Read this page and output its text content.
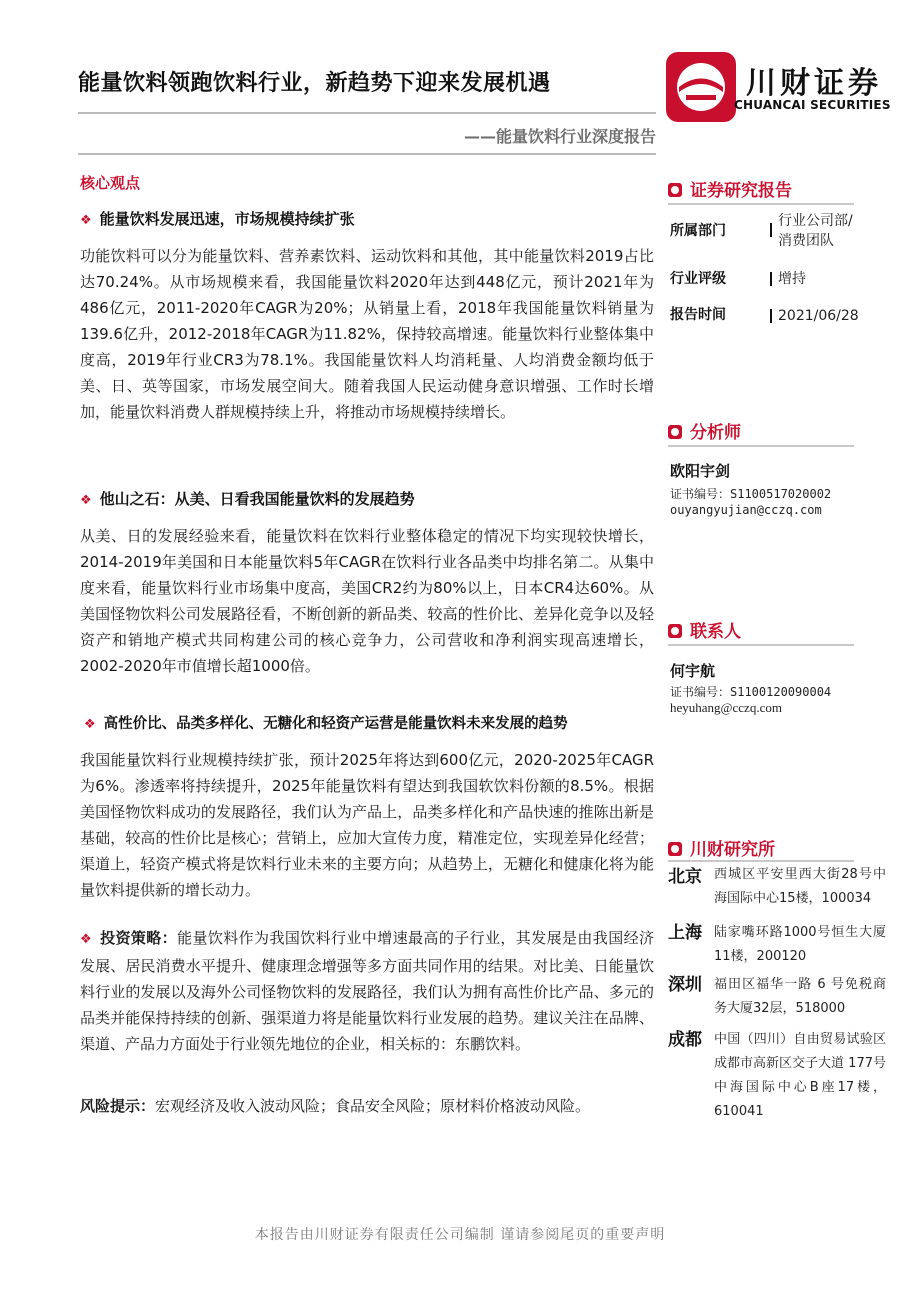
能量饮料领跑饮料行业，新趋势下迎来发展机遇
——能量饮料行业深度报告
川财证券
CHUANCAI SECURITIES
核心观点
❖ 能量饮料发展迅速，市场规模持续扩张

功能饮料可以分为能量饮料、营养素饮料、运动饮料和其他，其中能量饮料2019占比达70.24%。从市场规模来看，我国能量饮料2020年达到448亿元，预计2021年为486亿元，2011-2020年CAGR为20%；从销量上看，2018年我国能量饮料销量为139.6亿升，2012-2018年CAGR为11.82%，保持较高增速。能量饮料行业整体集中度高，2019年行业CR3为78.1%。我国能量饮料人均消耗量、人均消费金额均低于美、日、英等国家，市场发展空间大。随着我国人民运动健身意识增强、工作时长增加，能量饮料消费人群规模持续上升，将推动市场规模持续增长。

❖ 他山之石：从美、日看我国能量饮料的发展趋势

从美、日的发展经验来看，能量饮料在饮料行业整体稳定的情况下均实现较快增长，2014-2019年美国和日本能量饮料5年CAGR在饮料行业各品类中均排名第二。从集中度来看，能量饮料行业市场集中度高，美国CR2约为80%以上，日本CR4达60%。从美国怪物饮料公司发展路径看，不断创新的新品类、较高的性价比、差异化竞争以及轻资产和销地产模式共同构建公司的核心竞争力，公司营收和净利润实现高速增长，2002-2020年市值增长超1000倍。

❖ 高性价比、品类多样化、无糖化和轻资产运营是能量饮料未来发展的趋势

我国能量饮料行业规模持续扩张，预计2025年将达到600亿元，2020-2025年CAGR为6%。渗透率将持续提升，2025年能量饮料有望达到我国软饮料份额的8.5%。根据美国怪物饮料成功的发展路径，我们认为产品上，品类多样化和产品快速的推陈出新是基础，较高的性价比是核心；营销上，应加大宣传力度，精准定位，实现差异化经营；渠道上，轻资产模式将是饮料行业未来的主要方向；从趋势上，无糖化和健康化将为能量饮料提供新的增长动力。

❖ 投资策略：能量饮料作为我国饮料行业中增速最高的子行业，其发展是由我国经济发展、居民消费水平提升、健康理念增强等多方面共同作用的结果。对比美、日能量饮料行业的发展以及海外公司怪物饮料的发展路径，我们认为拥有高性价比产品、多元的品类并能保持持续的创新、强渠道力将是能量饮料行业发展的趋势。建议关注在品牌、渠道、产品力方面处于行业领先地位的企业，相关标的：东鹏饮料。

风险提示：宏观经济及收入波动风险；食品安全风险；原材料价格波动风险。

证券研究报告
所属部门
行业公司部/消费团队
行业评级	增持
报告时间	2021/06/28
分析师
欧阳宇剑
证书编号：S1100517020002
ouyangyujian@cczq.com
联系人
何宇航
证书编号：S1100120090004
heyuhang@cczq.com
川财研究所
北京 西城区平安里西大街28号中海国际中心15楼，100034
上海 陆家嘴环路1000号恒生大厦11楼，200120
深圳 福田区福华一路 6 号免税商务大厦32层，518000
成都 中国（四川）自由贸易试验区成都市高新区交子大道 177号中海国际中心B座17楼，610041
本报告由川财证券有限责任公司编制 谨请参阅尾页的重要声明
